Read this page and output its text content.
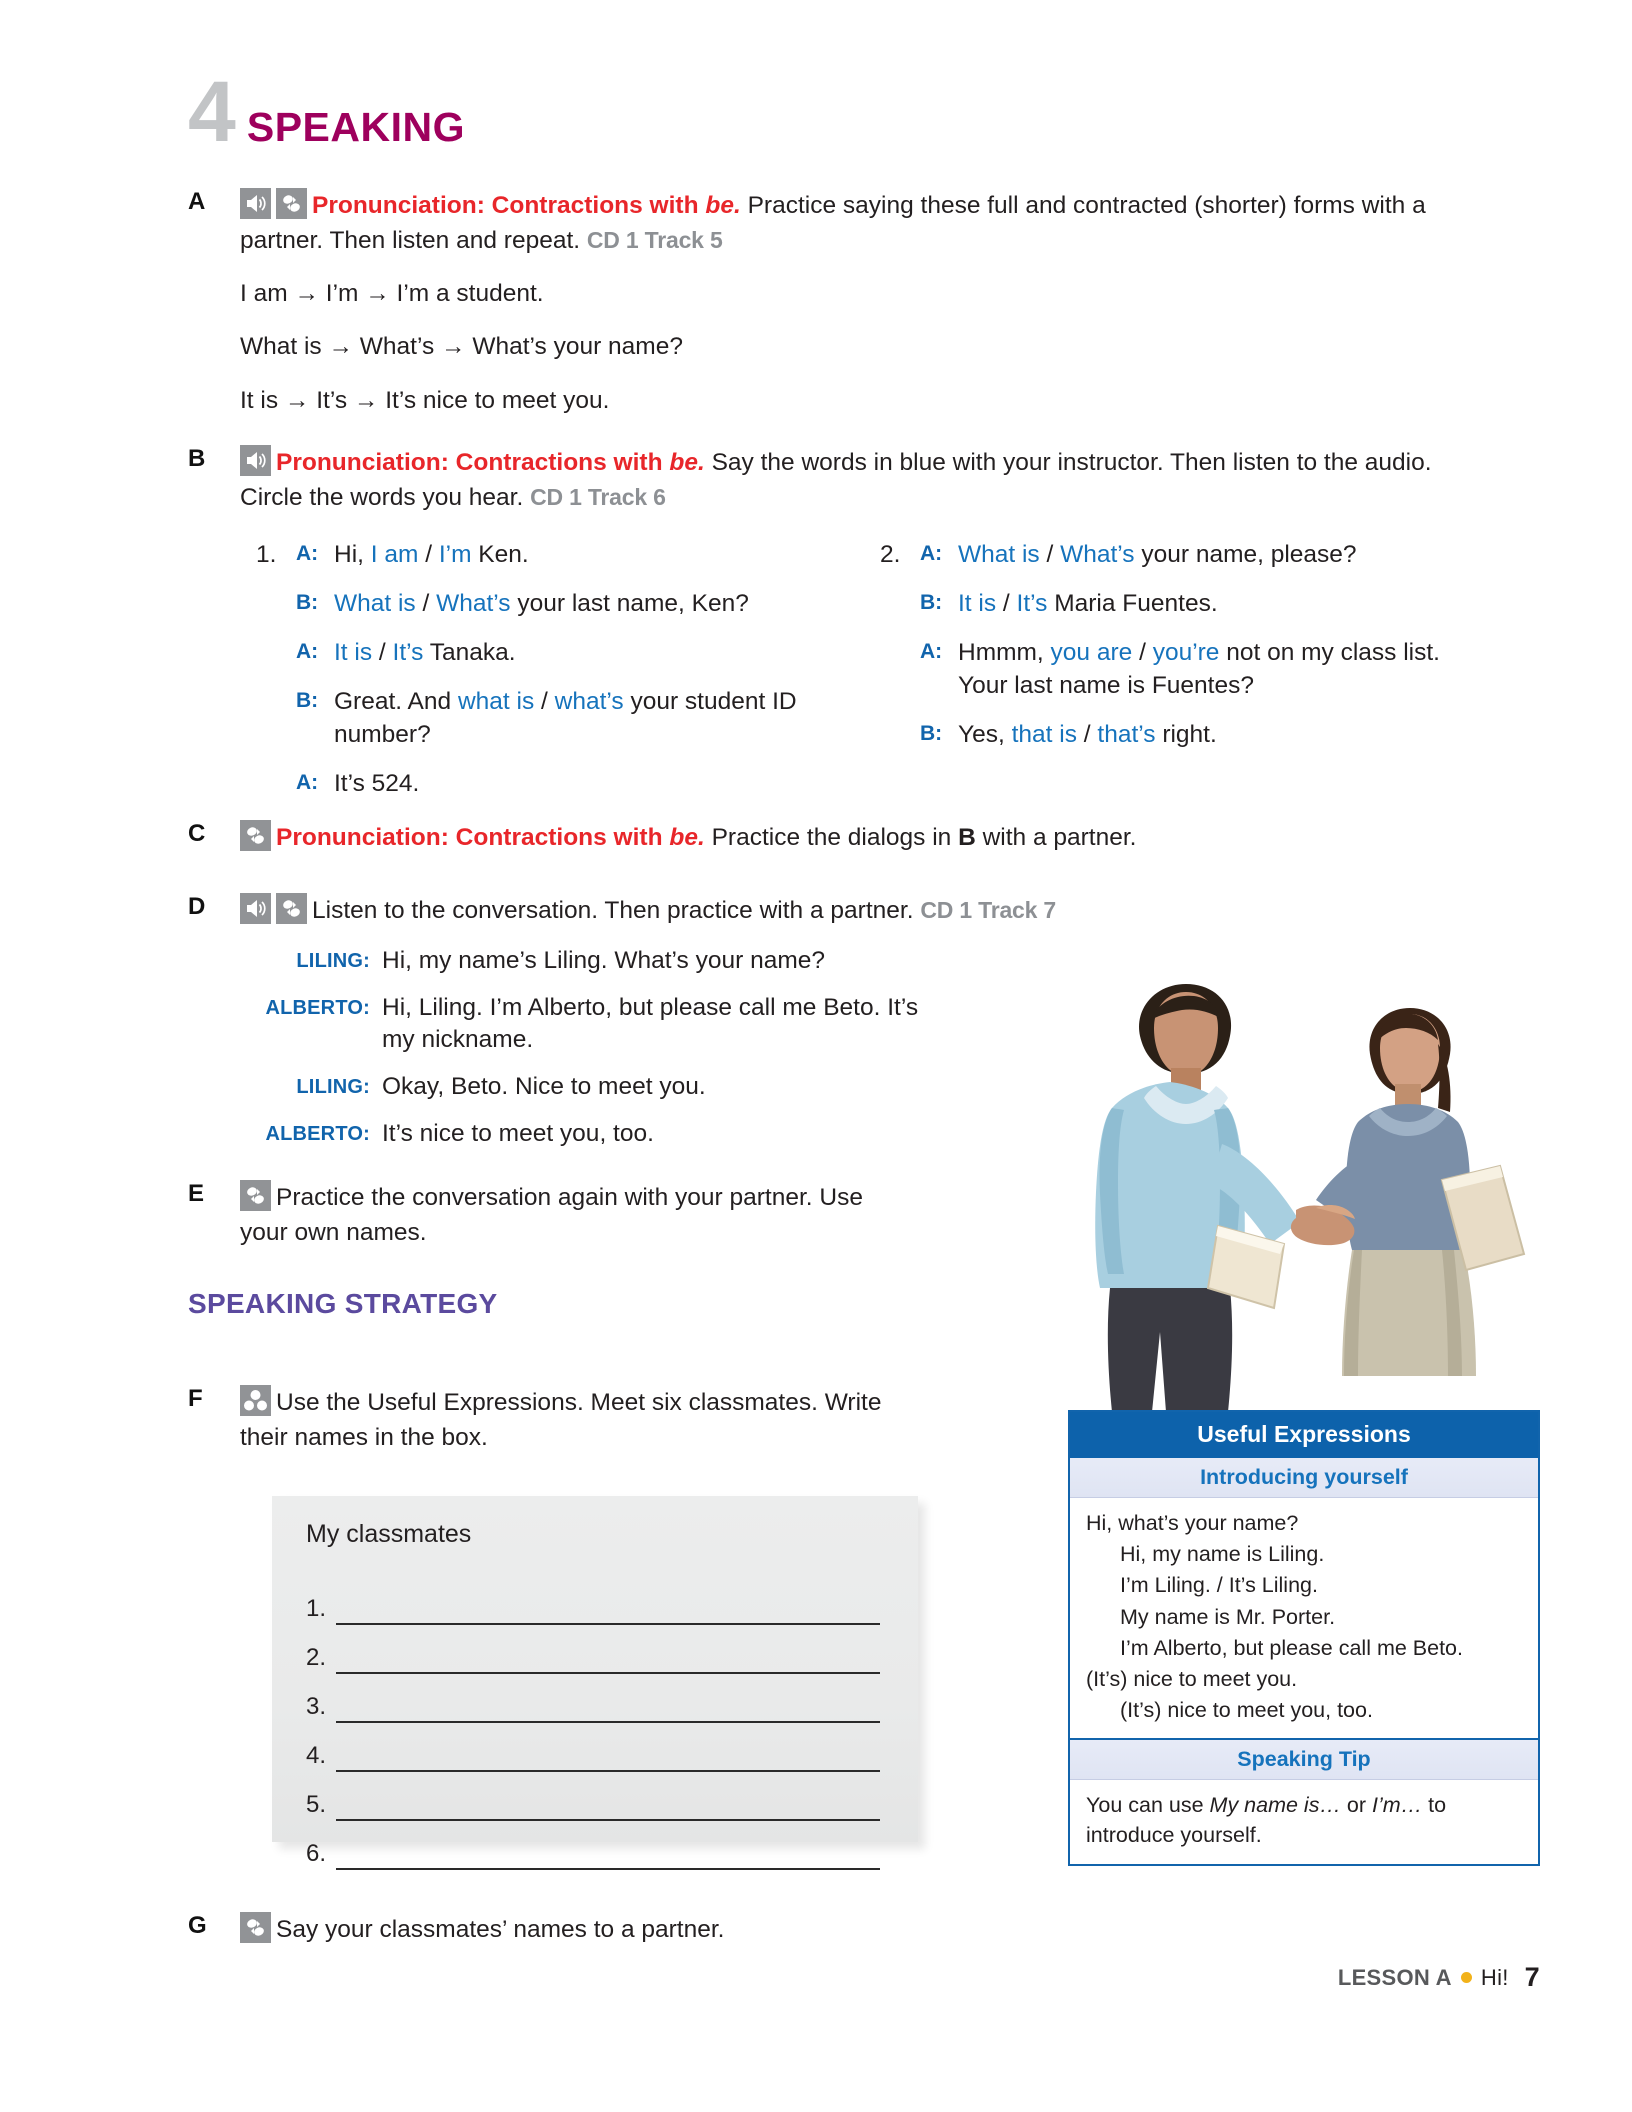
4 SPEAKING
A	Pronunciation: Contractions with be. Practice saying these full and contracted (shorter) forms with a partner. Then listen and repeat. CD 1 Track 5
I am → I’m → I’m a student.
What is → What’s → What’s your name?
It is → It’s → It’s nice to meet you.
B	Pronunciation: Contractions with be. Say the words in blue with your instructor. Then listen to the audio. Circle the words you hear. CD 1 Track 6
1. A: Hi, I am / I’m Ken.
B: What is / What’s your last name, Ken?
A: It is / It’s Tanaka.
B: Great. And what is / what’s your student ID number?
A: It’s 524.
2. A: What is / What’s your name, please?
B: It is / It’s Maria Fuentes.
A: Hmmm, you are / you’re not on my class list. Your last name is Fuentes?
B: Yes, that is / that’s right.
C	Pronunciation: Contractions with be. Practice the dialogs in B with a partner.
D	Listen to the conversation. Then practice with a partner. CD 1 Track 7
LILING: Hi, my name’s Liling. What’s your name?
ALBERTO: Hi, Liling. I’m Alberto, but please call me Beto. It’s my nickname.
LILING: Okay, Beto. Nice to meet you.
ALBERTO: It’s nice to meet you, too.
E	Practice the conversation again with your partner. Use your own names.
SPEAKING STRATEGY
F	Use the Useful Expressions. Meet six classmates. Write their names in the box.
My classmates
1.
2.
3.
4.
5.
6.
Useful Expressions
Introducing yourself
Hi, what’s your name?
Hi, my name is Liling.
I’m Liling. / It’s Liling.
My name is Mr. Porter.
I’m Alberto, but please call me Beto.
(It’s) nice to meet you.
(It’s) nice to meet you, too.
Speaking Tip
You can use My name is… or I’m… to introduce yourself.
G	Say your classmates’ names to a partner.
LESSON A Hi! 7
